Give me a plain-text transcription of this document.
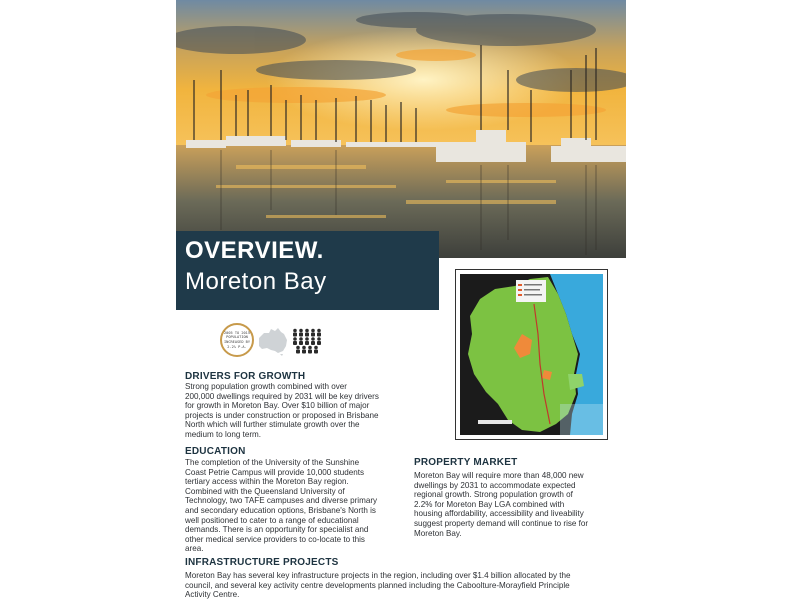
OVERVIEW.
Moreton Bay
2005 TO 2015
POPULATION
INCREASED BY
2.2% P.A.
DRIVERS FOR GROWTH
Strong population growth combined with over
200,000 dwellings required by 2031 will be key drivers
for growth in Moreton Bay. Over $10 billion of major
projects is under construction or proposed in Brisbane
North which will further stimulate growth over the
medium to long term.
EDUCATION
The completion of the University of the Sunshine
Coast Petrie Campus will provide 10,000 students
tertiary access within the Moreton Bay region.
Combined with the Queensland University of
Technology, two TAFE campuses and diverse primary
and secondary education options, Brisbane's North is
well positioned to cater to a range of educational
demands. There is an opportunity for specialist and
other medical service providers to co-locate to this
area.
PROPERTY MARKET
Moreton Bay will require more than 48,000 new
dwellings by 2031 to accommodate expected
regional growth. Strong population growth of
2.2% for Moreton Bay LGA combined with
housing affordability, accessibility and liveability
suggest property demand will continue to rise for
Moreton Bay.
INFRASTRUCTURE PROJECTS
Moreton Bay has several key infrastructure projects in the region, including over $1.4 billion allocated by the
council, and several key activity centre developments planned including the Caboolture-Morayfield Principle
Activity Centre.
